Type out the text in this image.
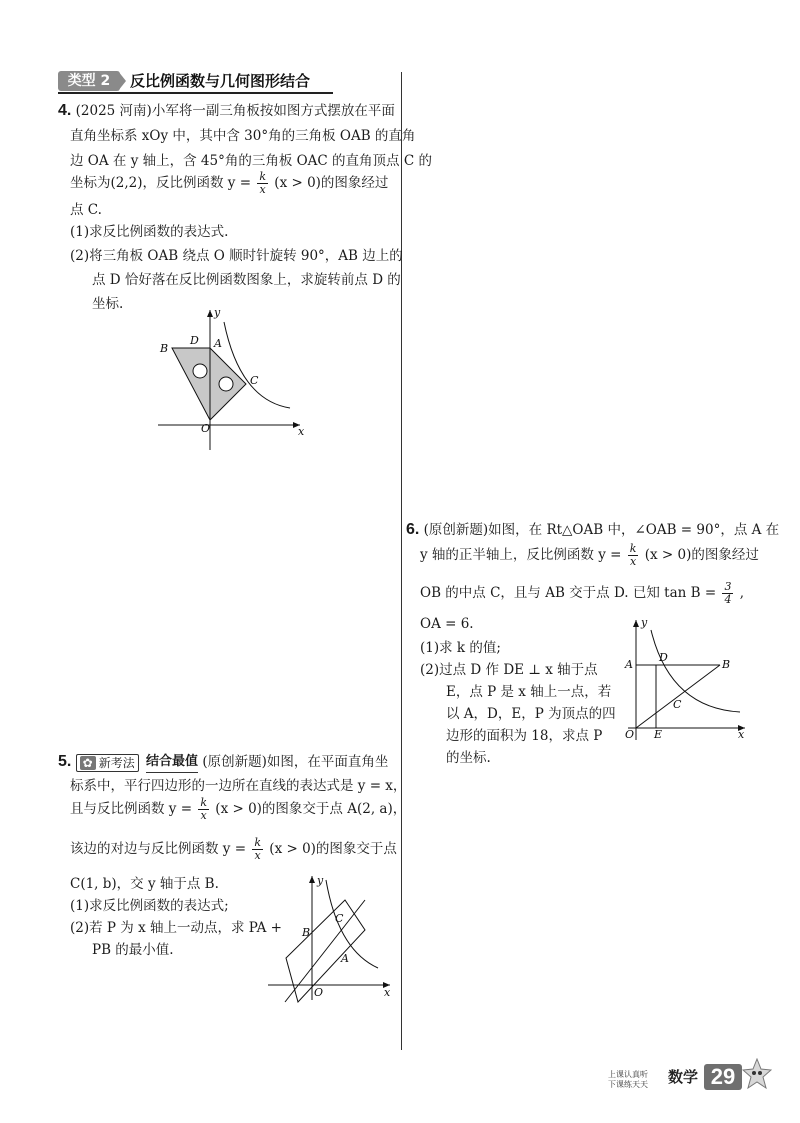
类型 2	反比例函数与几何图形结合
4. (2025 河南)小军将一副三角板按如图方式摆放在平面
直角坐标系 xOy 中，其中含 30°角的三角板 OAB 的直角
边 OA 在 y 轴上，含 45°角的三角板 OAC 的直角顶点 C 的
坐标为(2,2)，反比例函数 $y = \frac{k}{x} (x > 0)$的图象经过
点 C.
(1)求反比例函数的表达式.
(2)将三角板 OAB 绕点 O 顺时针旋转 90°，AB 边上的
点 D 恰好落在反比例函数图象上，求旋转前点 D 的
坐标.
y
B
D A
C
O	x
6. (原创新题)如图，在 Rt△OAB 中，∠OAB = 90°，点 A 在
y 轴的正半轴上，反比例函数 $y = \frac{k}{x} (x > 0)$的图象经过
OB 的中点 C，且与 AB 交于点 D. 已知 $\tan B = \frac{3}{4}$ ,
OA = 6.
(1)求 k 的值;
(2)过点 D 作 DE ⊥ x 轴于点
E，点 P 是 x 轴上一点，若
以 A，D，E，P 为顶点的四
边形的面积为 18，求点 P
的坐标.
y
A
D
B
C
O E	x
5. ✿ 新考法 结合最值 (原创新题)如图，在平面直角坐
标系中，平行四边形的一边所在直线的表达式是 y = x，
且与反比例函数 $y = \frac{k}{x} (x > 0)$的图象交于点 A(2, a)，
该边的对边与反比例函数 $y = \frac{k}{x} (x > 0)$的图象交于点
C(1, b)，交 y 轴于点 B.
(1)求反比例函数的表达式;
(2)若 P 为 x 轴上一动点，求 PA +
PB 的最小值.
y
C
B
A
O	x
上课认真听
下课练天天 数学 29
